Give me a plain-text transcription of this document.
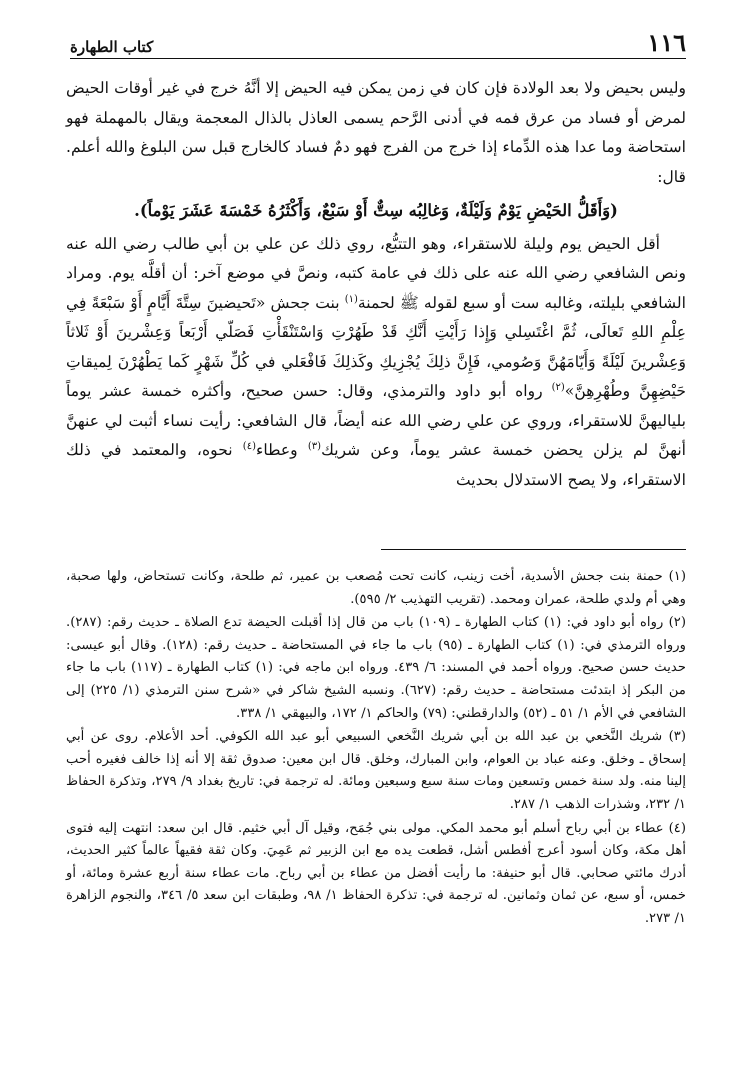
١١٦
كتاب الطهارة

وليس بحيض ولا بعد الولادة فإن كان في زمن يمكن فيه الحيض إلا أنَّهُ خرج في غير أوقات الحيض لمرض أو فساد من عرق فمه في أدنى الرَّحم يسمى العاذل بالذال المعجمة ويقال بالمهملة فهو استحاضة وما عدا هذه الدِّماء إذا خرج من الفرج فهو دمٌ فساد كالخارج قبل سن البلوغ والله أعلم. قال:

(وَأَقَلُّ الحَيْضِ يَوْمٌ وَلَيْلَةٌ، وَغالِبُه سِتٌّ أَوْ سَبْعٌ، وَأَكْثَرُهُ خَمْسَةَ عَشَرَ يَوْماً).

أقل الحيض يوم وليلة للاستقراء، وهو التتبُّع، روي ذلك عن علي بن أبي طالب رضي الله عنه ونص الشافعي رضي الله عنه على ذلك في عامة كتبه، ونصَّ في موضع آخر: أن أقلَّه يوم. ومراد الشافعي بليلته، وغالبه ست أو سبع لقوله ﷺ لحمنة$^{(١)}$ بنت جحش «تَحيضينَ سِتَّةَ أَيَّامٍ أَوْ سَبْعَةً فِي عِلْمِ اللهِ تَعالَى، ثُمَّ اغْتَسِلي وَإِذا رَأَيْتِ أَنَّكِ قَدْ طَهُرْتِ وَاسْتَنْقَأْتِ فَصَلّي أَرْبَعاً وَعِشْرينَ أَوْ ثَلاثاً وَعِشْرينَ لَيْلَةً وَأَيّامَهُنَّ وَصُومي، فَإِنَّ ذلِكَ يُجْزِيكِ وكَذلِكَ فَافْعَلي في كُلِّ شَهْرٍ كَما يَطْهُرْنَ لِميقاتِ حَيْضِهِنَّ وطُهْرِهِنَّ»$^{(٢)}$ رواه أبو داود والترمذي، وقال: حسن صحيح، وأكثره خمسة عشر يوماً بلياليهنَّ للاستقراء، وروي عن علي رضي الله عنه أيضاً، قال الشافعي: رأيت نساء أثبت لي عنهنَّ أنهنَّ لم يزلن يحضن خمسة عشر يوماً، وعن شريك$^{(٣)}$ وعطاء$^{(٤)}$ نحوه، والمعتمد في ذلك الاستقراء، ولا يصح الاستدلال بحديث

(١) حمنة بنت جحش الأسدية، أخت زينب، كانت تحت مُصعب بن عمير، ثم طلحة، وكانت تستحاض، ولها صحبة، وهي أم ولدي طلحة، عمران ومحمد. (تقريب التهذيب ٢/ ٥٩٥).

(٢) رواه أبو داود في: (١) كتاب الطهارة ـ (١٠٩) باب من قال إذا أقبلت الحيضة تدع الصلاة ـ حديث رقم: (٢٨٧). ورواه الترمذي في: (١) كتاب الطهارة ـ (٩٥) باب ما جاء في المستحاضة ـ حديث رقم: (١٢٨). وقال أبو عيسى: حديث حسن صحيح. ورواه أحمد في المسند: ٦/ ٤٣٩. ورواه ابن ماجه في: (١) كتاب الطهارة ـ (١١٧) باب ما جاء من البكر إذ ابتدئت مستحاضة ـ حديث رقم: (٦٢٧). ونسبه الشيخ شاكر في «شرح سنن الترمذي (١/ ٢٢٥) إلى الشافعي في الأم ١/ ٥١ ـ (٥٢) والدارقطني: (٧٩) والحاكم ١/ ١٧٢، والبيهقي ١/ ٣٣٨.

(٣) شريك النَّخعي بن عبد الله بن أبي شريك النَّخعي السبيعي أبو عبد الله الكوفي. أحد الأعلام. روى عن أبي إسحاق ـ وخلق. وعنه عباد بن العوام، وابن المبارك، وخلق. قال ابن معين: صدوق ثقة إلا أنه إذا خالف فغيره أحب إلينا منه. ولد سنة خمس وتسعين ومات سنة سبع وسبعين ومائة. له ترجمة في: تاريخ بغداد ٩/ ٢٧٩، وتذكرة الحفاظ ١/ ٢٣٢، وشذرات الذهب ١/ ٢٨٧.

(٤) عطاء بن أبي رباح أسلم أبو محمد المكي. مولى بني جُمَح، وقيل آل أبي خثيم. قال ابن سعد: انتهت إليه فتوى أهل مكة، وكان أسود أعرج أفطس أشل، قطعت يده مع ابن الزبير ثم عَمِيَ. وكان ثقة فقيهاً عالماً كثير الحديث، أدرك مائتي صحابي. قال أبو حنيفة: ما رأيت أفضل من عطاء بن أبي رباح. مات عطاء سنة أربع عشرة ومائة، أو خمس، أو سبع، عن ثمان وثمانين. له ترجمة في: تذكرة الحفاظ ١/ ٩٨، وطبقات ابن سعد ٥/ ٣٤٦، والنجوم الزاهرة ١/ ٢٧٣.
